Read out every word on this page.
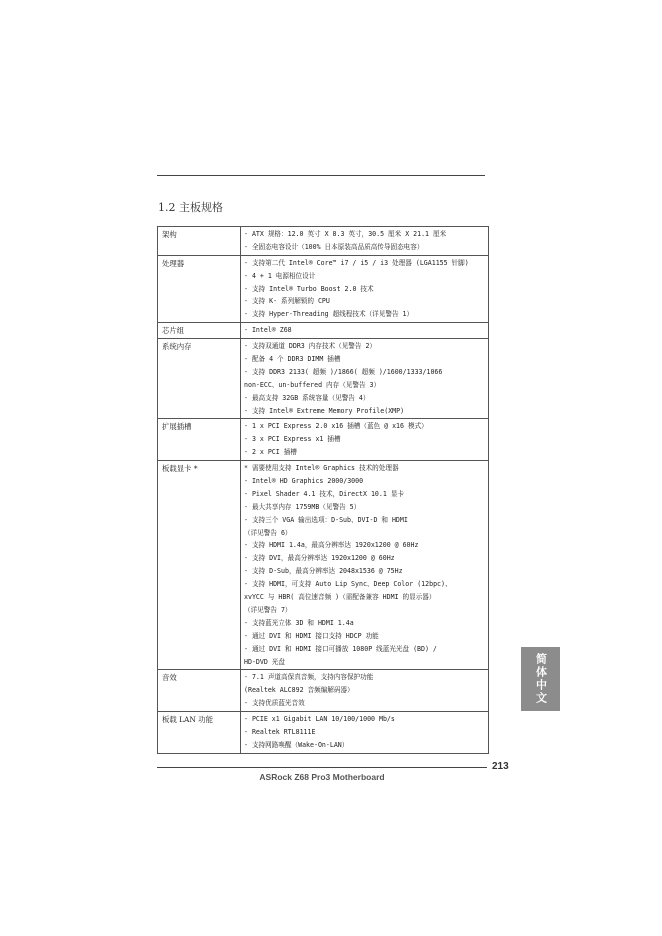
1.2 主板规格
架构	- ATX 规格：12.0 英寸 X 8.3 英寸，30.5 厘米 X 21.1 厘米
- 全固态电容设计（100% 日本原装高品质高传导固态电容）
处理器	- 支持第二代 Intel® Core™ i7 / i5 / i3 处理器 (LGA1155 针脚)
- 4 + 1 电源相位设计
- 支持 Intel® Turbo Boost 2.0 技术
- 支持 K- 系列解锁的 CPU
- 支持 Hyper-Threading 超线程技术（详见警告 1）
芯片组	- Intel® Z68
系统内存	- 支持双通道 DDR3 内存技术（见警告 2）
- 配备 4 个 DDR3 DIMM 插槽
- 支持 DDR3 2133( 超频 )/1866( 超频 )/1600/1333/1066
non-ECC、un-buffered 内存（见警告 3）
- 最高支持 32GB 系统容量（见警告 4）
- 支持 Intel® Extreme Memory Profile(XMP)
扩展插槽	- 1 x PCI Express 2.0 x16 插槽（蓝色 @ x16 模式）
- 3 x PCI Express x1 插槽
- 2 x PCI 插槽
板载显卡 *	* 需要使用支持 Intel® Graphics 技术的处理器
- Intel® HD Graphics 2000/3000
- Pixel Shader 4.1 技术，DirectX 10.1 显卡
- 最大共享内存 1759MB（见警告 5）
- 支持三个 VGA 输出选项：D-Sub、DVI-D 和 HDMI
（详见警告 6）
- 支持 HDMI 1.4a，最高分辨率达 1920x1200 @ 60Hz
- 支持 DVI，最高分辨率达 1920x1200 @ 60Hz
- 支持 D-Sub，最高分辨率达 2048x1536 @ 75Hz
- 支持 HDMI，可支持 Auto Lip Sync、Deep Color (12bpc)、
xvYCC 与 HBR( 高位速音频 )（需配备兼容 HDMI 的显示器）
（详见警告 7）
- 支持蓝光立体 3D 和 HDMI 1.4a
- 通过 DVI 和 HDMI 接口支持 HDCP 功能
- 通过 DVI 和 HDMI 接口可播放 1080P 线蓝光光盘 (BD) /
HD-DVD 光盘
音效	- 7.1 声道高保真音频，支持内容保护功能
(Realtek ALC892 音频编解码器）
- 支持优质蓝光音效
板载 LAN 功能	- PCIE x1 Gigabit LAN 10/100/1000 Mb/s
- Realtek RTL8111E
- 支持网路唤醒（Wake-On-LAN）
213
ASRock Z68 Pro3 Motherboard
简体中文
